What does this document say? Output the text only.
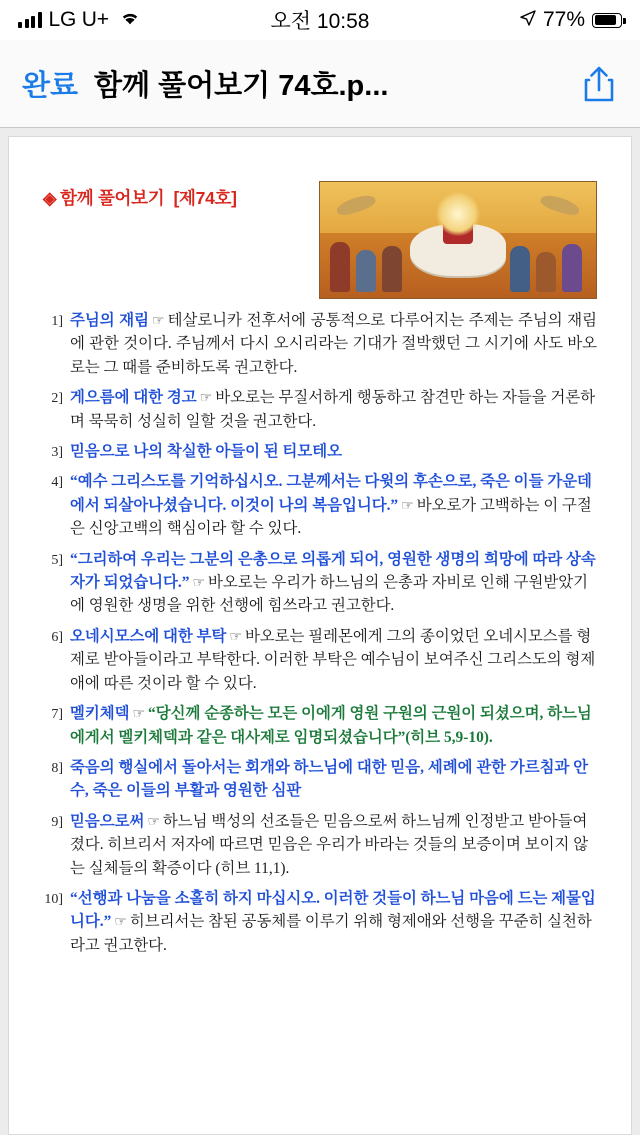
LG U+	오전 10:58	77%
완료 함께 풀어보기 74호.p...
◈ 함께 풀어보기 [제74호]
1] 주님의 재림 ☞ 테살로니카 전후서에 공통적으로 다루어지는 주제는 주님의 재림에 관한 것이다. 주님께서 다시 오시리라는 기대가 절박했던 그 시기에 사도 바오로는 그 때를 준비하도록 권고한다.
2] 게으름에 대한 경고 ☞ 바오로는 무질서하게 행동하고 참견만 하는 자들을 거론하며 묵묵히 성실히 일할 것을 권고한다.
3] 믿음으로 나의 착실한 아들이 된 티모테오
4] “예수 그리스도를 기억하십시오. 그분께서는 다윗의 후손으로, 죽은 이들 가운데에서 되살아나셨습니다. 이것이 나의 복음입니다.” ☞ 바오로가 고백하는 이 구절은 신앙고백의 핵심이라 할 수 있다.
5] “그리하여 우리는 그분의 은총으로 의롭게 되어, 영원한 생명의 희망에 따라 상속자가 되었습니다.” ☞ 바오로는 우리가 하느님의 은총과 자비로 인해 구원받았기에 영원한 생명을 위한 선행에 힘쓰라고 권고한다.
6] 오네시모스에 대한 부탁 ☞ 바오로는 필레몬에게 그의 종이었던 오네시모스를 형제로 받아들이라고 부탁한다. 이러한 부탁은 예수님이 보여주신 그리스도의 형제애에 따른 것이라 할 수 있다.
7] 멜키체덱 ☞ “당신께 순종하는 모든 이에게 영원 구원의 근원이 되셨으며, 하느님에게서 멜키체덱과 같은 대사제로 임명되셨습니다”(히브 5,9-10).
8] 죽음의 행실에서 돌아서는 회개와 하느님에 대한 믿음, 세례에 관한 가르침과 안수, 죽은 이들의 부활과 영원한 심판
9] 믿음으로써 ☞ 하느님 백성의 선조들은 믿음으로써 하느님께 인정받고 받아들여졌다. 히브리서 저자에 따르면 믿음은 우리가 바라는 것들의 보증이며 보이지 않는 실체들의 확증이다 (히브 11,1).
10] “선행과 나눔을 소홀히 하지 마십시오. 이러한 것들이 하느님 마음에 드는 제물입니다.” ☞ 히브리서는 참된 공동체를 이루기 위해 형제애와 선행을 꾸준히 실천하라고 권고한다.
